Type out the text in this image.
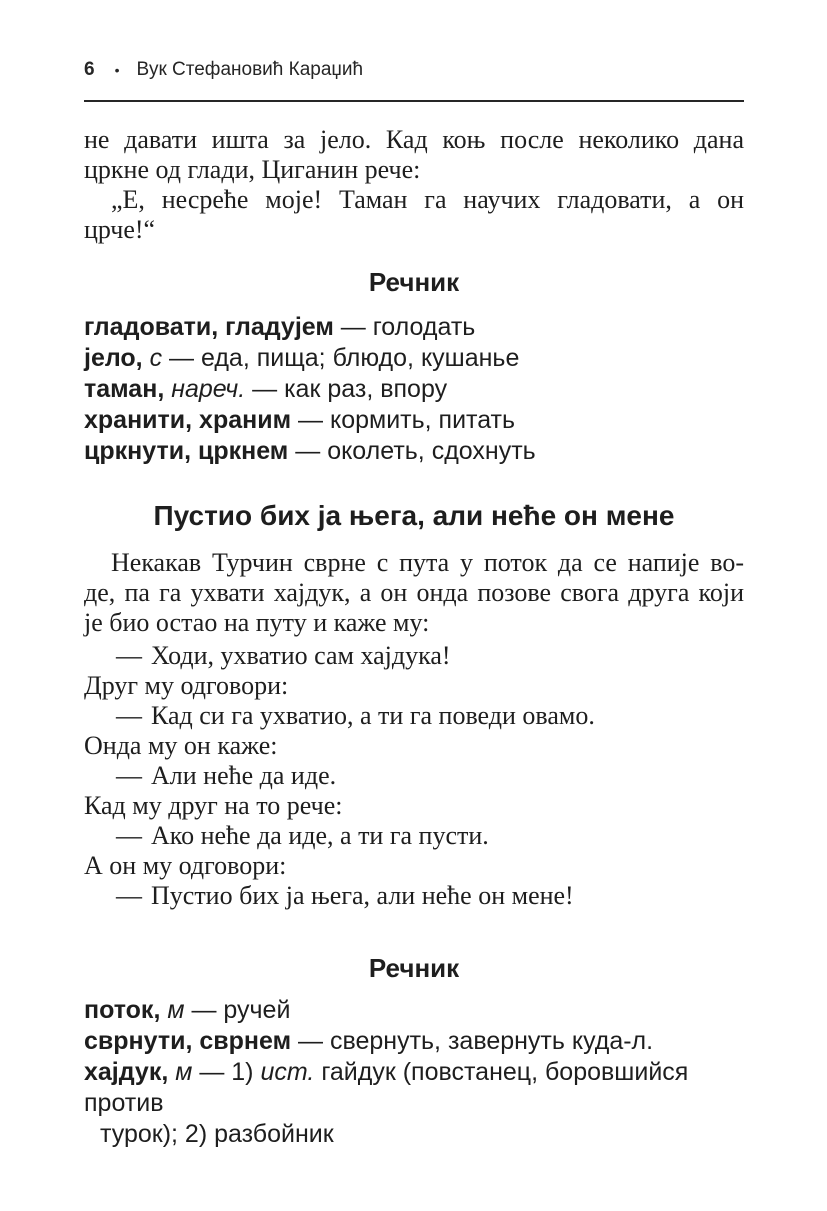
6 • Вук Стефановић Караџић
не давати ишта за јело. Кад коњ после неколико дана
цркне од глади, Циганин рече:
„Е, несреће моје! Таман га научих гладовати, а он
црче!“
Речник
гладовати, гладујем — голодать
јело, с — еда, пища; блюдо, кушанье
таман, нареч. — как раз, впору
хранити, храним — кормить, питать
цркнути, цркнем — околеть, сдохнуть
Пустио бих ја њега, али неће он мене
Некакав Турчин сврне с пута у поток да се напије во-
де, па га ухвати хајдук, а он онда позове свога друга који
је био остао на путу и каже му:
— Ходи, ухватио сам хајдука!
Друг му одговори:
— Кад си га ухватио, а ти га поведи овамо.
Онда му он каже:
— Али неће да иде.
Кад му друг на то рече:
— Ако неће да иде, а ти га пусти.
А он му одговори:
— Пустио бих ја њега, али неће он мене!
Речник
поток, м — ручей
сврнути, сврнем — свернуть, завернуть куда-л.
хајдук, м — 1) ист. гайдук (повстанец, боровшийся против
турок); 2) разбойник
